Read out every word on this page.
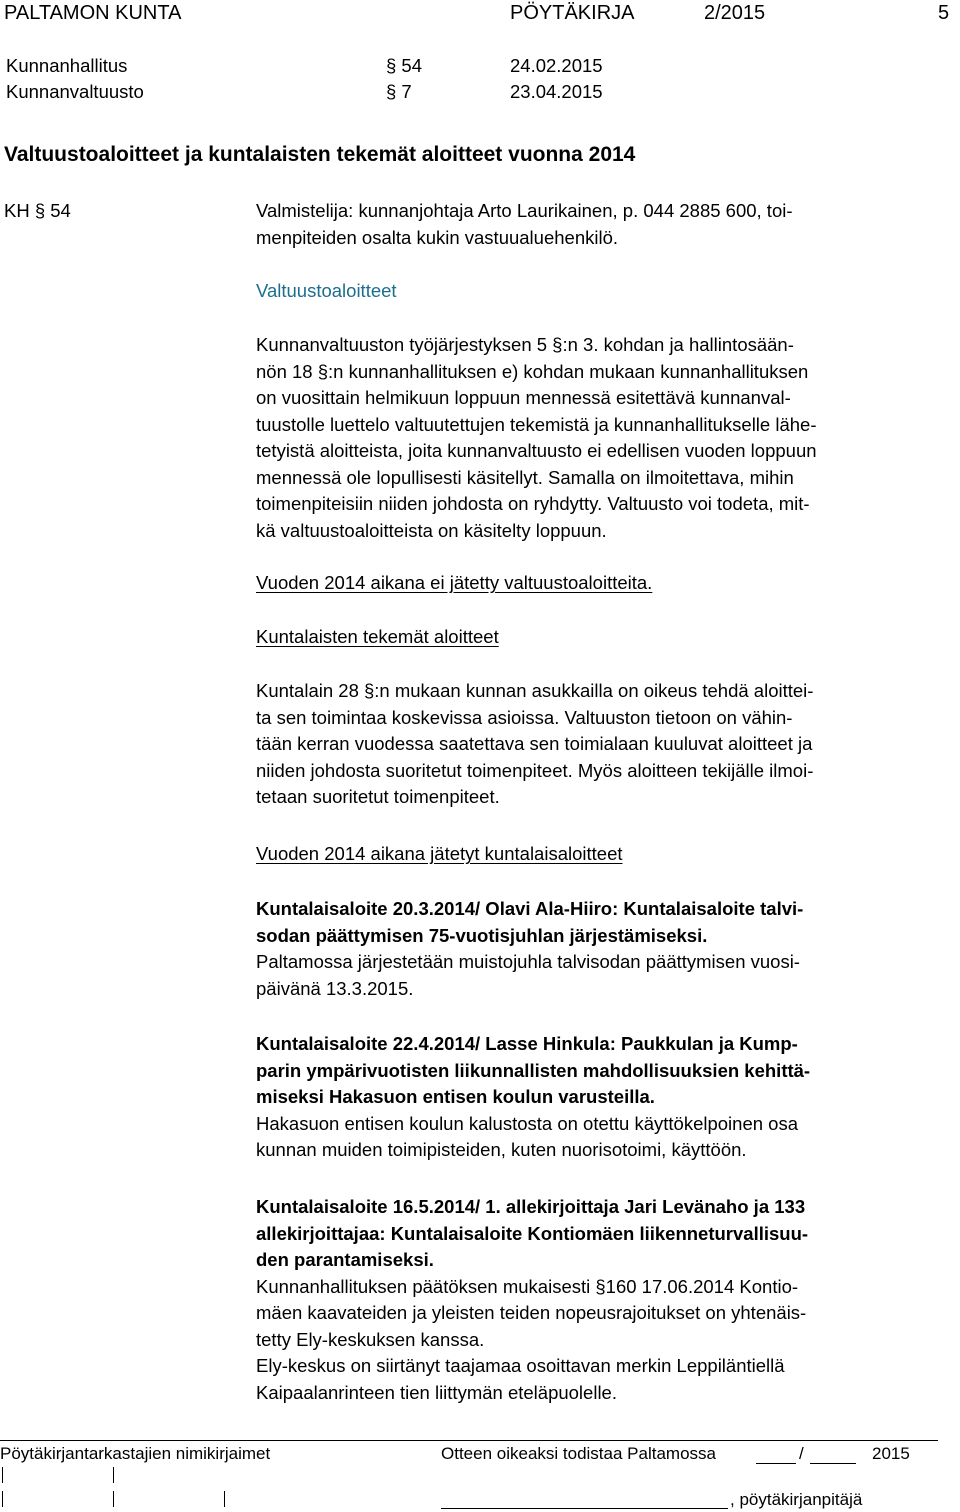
PALTAMON KUNTA	PÖYTÄKIRJA	2/2015	5
Kunnanhallitus	§ 54	24.02.2015
Kunnanvaltuusto	§ 7	23.04.2015
Valtuustoaloitteet ja kuntalaisten tekemät aloitteet vuonna 2014
KH § 54	Valmistelija: kunnanjohtaja Arto Laurikainen, p. 044 2885 600, toi-
menpiteiden osalta kukin vastuualuehenkilö.
Valtuustoaloitteet
Kunnanvaltuuston työjärjestyksen 5 §:n 3. kohdan ja hallintosään-
nön 18 §:n kunnanhallituksen e) kohdan mukaan kunnanhallituksen
on vuosittain helmikuun loppuun mennessä esitettävä kunnanval-
tuustolle luettelo valtuutettujen tekemistä ja kunnanhallitukselle lähe-
tetyistä aloitteista, joita kunnanvaltuusto ei edellisen vuoden loppuun
mennessä ole lopullisesti käsitellyt. Samalla on ilmoitettava, mihin
toimenpiteisiin niiden johdosta on ryhdytty. Valtuusto voi todeta, mit-
kä valtuustoaloitteista on käsitelty loppuun.
Vuoden 2014 aikana ei jätetty valtuustoaloitteita.
Kuntalaisten tekemät aloitteet
Kuntalain 28 §:n mukaan kunnan asukkailla on oikeus tehdä aloittei-
ta sen toimintaa koskevissa asioissa. Valtuuston tietoon on vähin-
tään kerran vuodessa saatettava sen toimialaan kuuluvat aloitteet ja
niiden johdosta suoritetut toimenpiteet. Myös aloitteen tekijälle ilmoi-
tetaan suoritetut toimenpiteet.
Vuoden 2014 aikana jätetyt kuntalaisaloitteet
Kuntalaisaloite 20.3.2014/ Olavi Ala-Hiiro: Kuntalaisaloite talvi-
sodan päättymisen 75-vuotisjuhlan järjestämiseksi.
Paltamossa järjestetään muistojuhla talvisodan päättymisen vuosi-
päivänä 13.3.2015.
Kuntalaisaloite 22.4.2014/ Lasse Hinkula: Paukkulan ja Kump-
parin ympärivuotisten liikunnallisten mahdollisuuksien kehittä-
miseksi Hakasuon entisen koulun varusteilla.
Hakasuon entisen koulun kalustosta on otettu käyttökelpoinen osa
kunnan muiden toimipisteiden, kuten nuorisotoimi, käyttöön.
Kuntalaisaloite 16.5.2014/ 1. allekirjoittaja Jari Levänaho ja 133
allekirjoittajaa: Kuntalaisaloite Kontiomäen liikenneturvallisuu-
den parantamiseksi.
Kunnanhallituksen päätöksen mukaisesti §160 17.06.2014 Kontio-
mäen kaavateiden ja yleisten teiden nopeusrajoitukset on yhtenäis-
tetty Ely-keskuksen kanssa.
Ely-keskus on siirtänyt taajamaa osoittavan merkin Leppiläntiellä
Kaipaalanrinteen tien liittymän eteläpuolelle.
Pöytäkirjantarkastajien nimikirjaimet	Otteen oikeaksi todistaa Paltamossa	/	2015
, pöytäkirjanpitäjä
